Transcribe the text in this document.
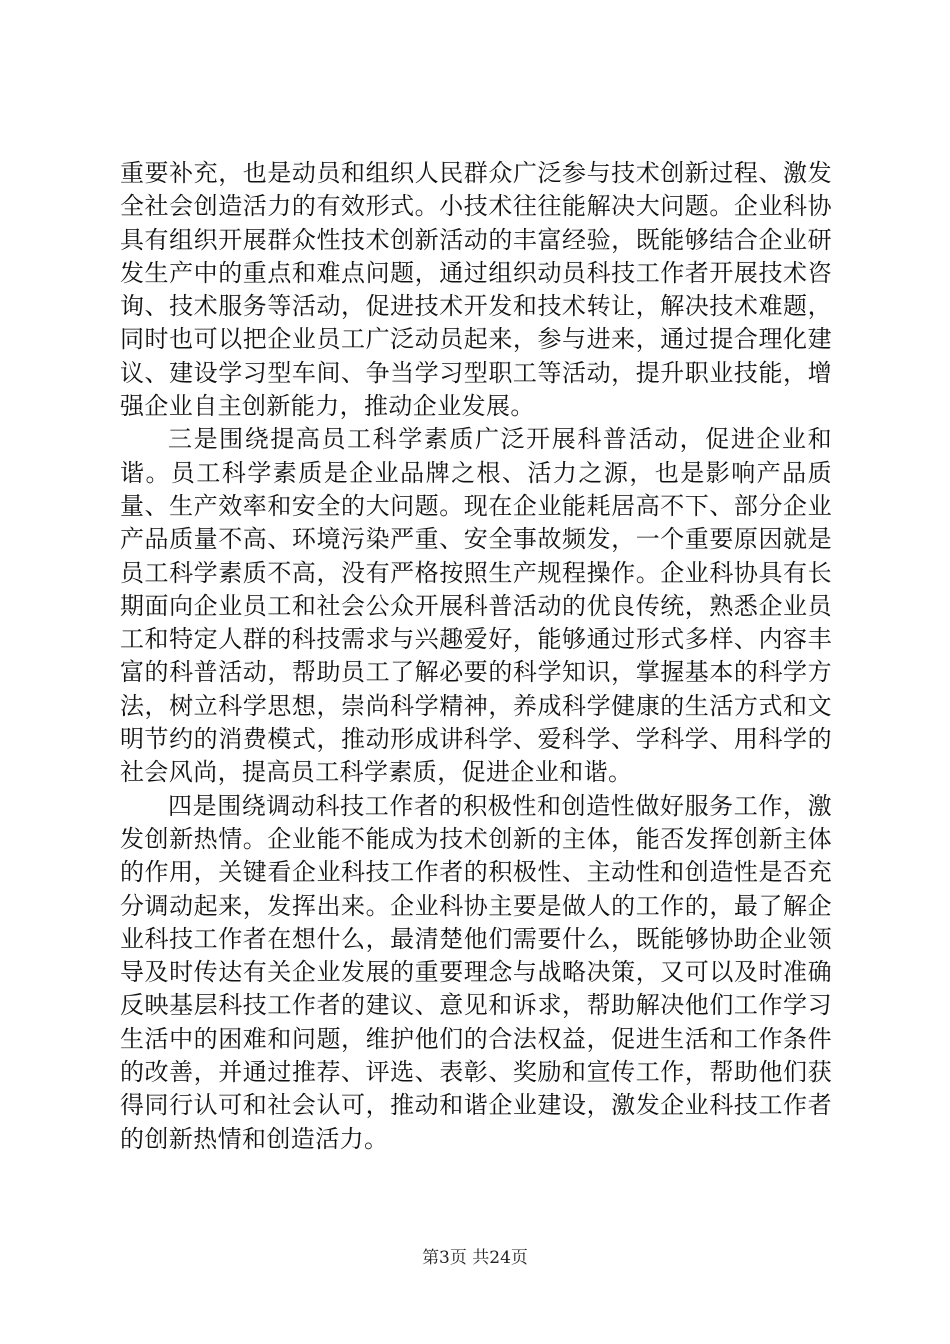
重要补充，也是动员和组织人民群众广泛参与技术创新过程、激发全社会创造活力的有效形式。小技术往往能解决大问题。企业科协具有组织开展群众性技术创新活动的丰富经验，既能够结合企业研发生产中的重点和难点问题，通过组织动员科技工作者开展技术咨询、技术服务等活动，促进技术开发和技术转让，解决技术难题，同时也可以把企业员工广泛动员起来，参与进来，通过提合理化建议、建设学习型车间、争当学习型职工等活动，提升职业技能，增强企业自主创新能力，推动企业发展。

三是围绕提高员工科学素质广泛开展科普活动，促进企业和谐。员工科学素质是企业品牌之根、活力之源，也是影响产品质量、生产效率和安全的大问题。现在企业能耗居高不下、部分企业产品质量不高、环境污染严重、安全事故频发，一个重要原因就是员工科学素质不高，没有严格按照生产规程操作。企业科协具有长期面向企业员工和社会公众开展科普活动的优良传统，熟悉企业员工和特定人群的科技需求与兴趣爱好，能够通过形式多样、内容丰富的科普活动，帮助员工了解必要的科学知识，掌握基本的科学方法，树立科学思想，崇尚科学精神，养成科学健康的生活方式和文明节约的消费模式，推动形成讲科学、爱科学、学科学、用科学的社会风尚，提高员工科学素质，促进企业和谐。

四是围绕调动科技工作者的积极性和创造性做好服务工作，激发创新热情。企业能不能成为技术创新的主体，能否发挥创新主体的作用，关键看企业科技工作者的积极性、主动性和创造性是否充分调动起来，发挥出来。企业科协主要是做人的工作的，最了解企业科技工作者在想什么，最清楚他们需要什么，既能够协助企业领导及时传达有关企业发展的重要理念与战略决策，又可以及时准确反映基层科技工作者的建议、意见和诉求，帮助解决他们工作学习生活中的困难和问题，维护他们的合法权益，促进生活和工作条件的改善，并通过推荐、评选、表彰、奖励和宣传工作，帮助他们获得同行认可和社会认可，推动和谐企业建设，激发企业科技工作者的创新热情和创造活力。

第3页 共24页
